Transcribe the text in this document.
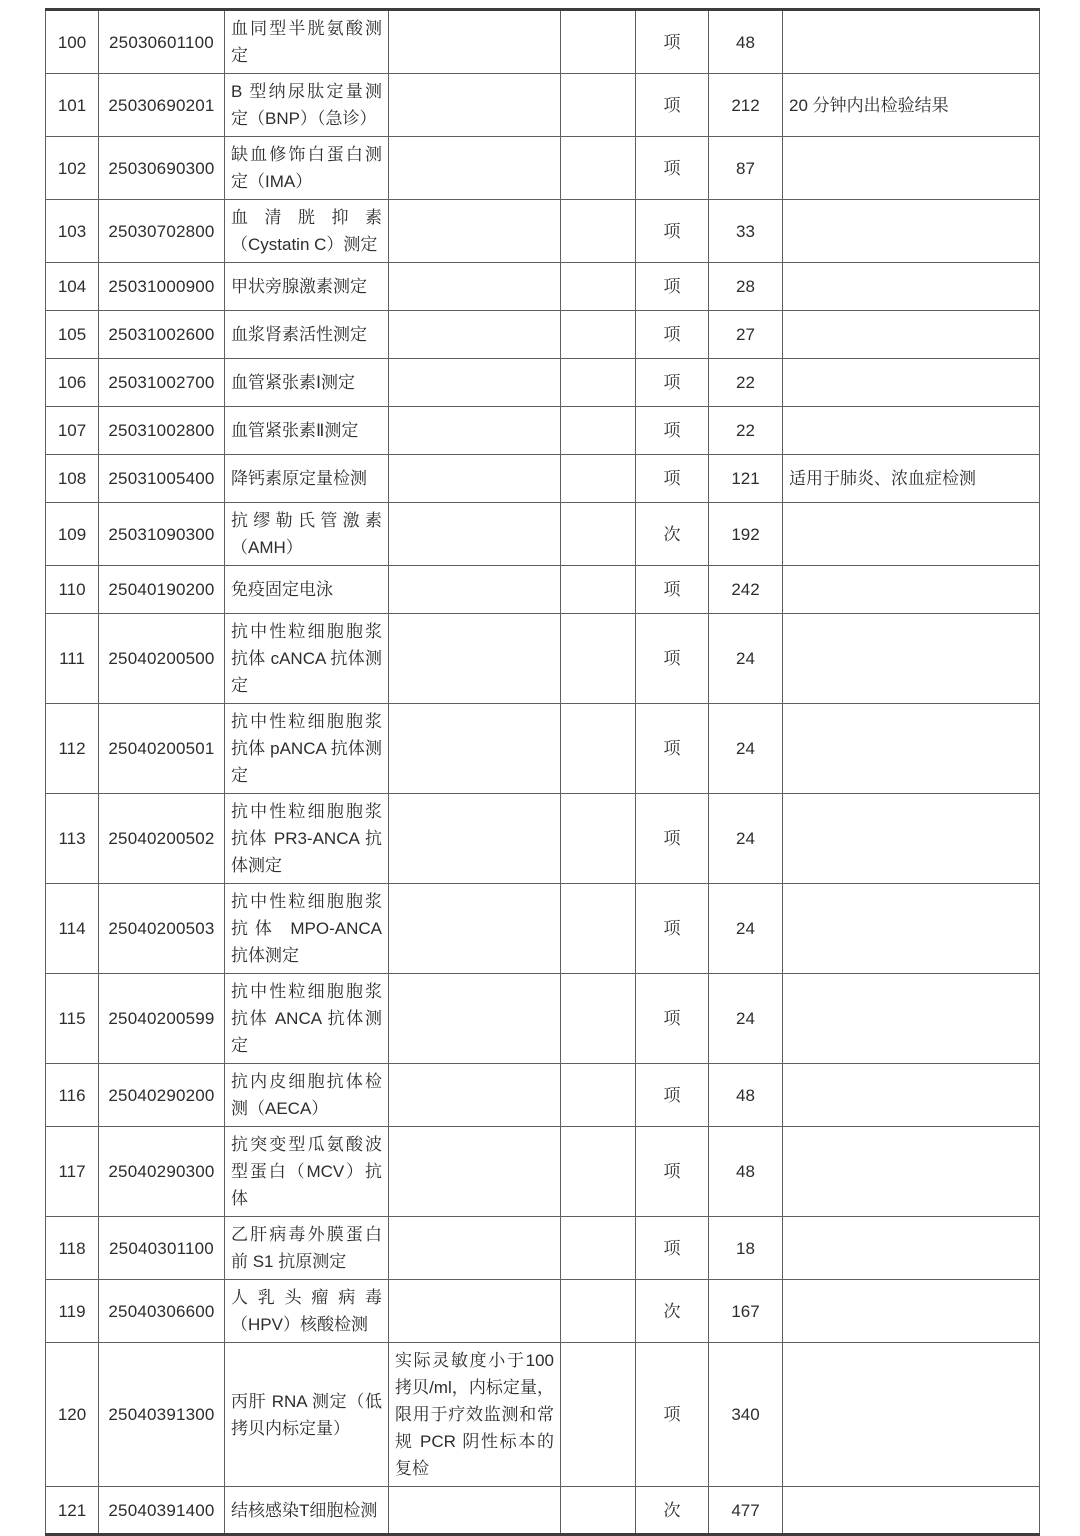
100	25030601100	血同型半胱氨酸测定			项	48	
101	25030690201	B 型纳尿肽定量测定（BNP）（急诊）			项	212	20 分钟内出检验结果
102	25030690300	缺血修饰白蛋白测定（IMA）			项	87	
103	25030702800	血清胱抑素（Cystatin C）测定			项	33	
104	25031000900	甲状旁腺激素测定			项	28	
105	25031002600	血浆肾素活性测定			项	27	
106	25031002700	血管紧张素Ⅰ测定			项	22	
107	25031002800	血管紧张素Ⅱ测定			项	22	
108	25031005400	降钙素原定量检测			项	121	适用于肺炎、浓血症检测
109	25031090300	抗缪勒氏管激素（AMH）			次	192	
110	25040190200	免疫固定电泳			项	242	
111	25040200500	抗中性粒细胞胞浆抗体 cANCA 抗体测定			项	24	
112	25040200501	抗中性粒细胞胞浆抗体 pANCA 抗体测定			项	24	
113	25040200502	抗中性粒细胞胞浆抗体 PR3-ANCA 抗体测定			项	24	
114	25040200503	抗中性粒细胞胞浆抗体 MPO-ANCA 抗体测定			项	24	
115	25040200599	抗中性粒细胞胞浆抗体 ANCA 抗体测定			项	24	
116	25040290200	抗内皮细胞抗体检测（AECA）			项	48	
117	25040290300	抗突变型瓜氨酸波型蛋白（MCV）抗体			项	48	
118	25040301100	乙肝病毒外膜蛋白前 S1 抗原测定			项	18	
119	25040306600	人乳头瘤病毒（HPV）核酸检测			次	167	
120	25040391300	丙肝 RNA 测定（低拷贝内标定量）	实际灵敏度小于100拷贝/ml，内标定量，限用于疗效监测和常规 PCR 阴性标本的复检		项	340	
121	25040391400	结核感染T细胞检测			次	477	
